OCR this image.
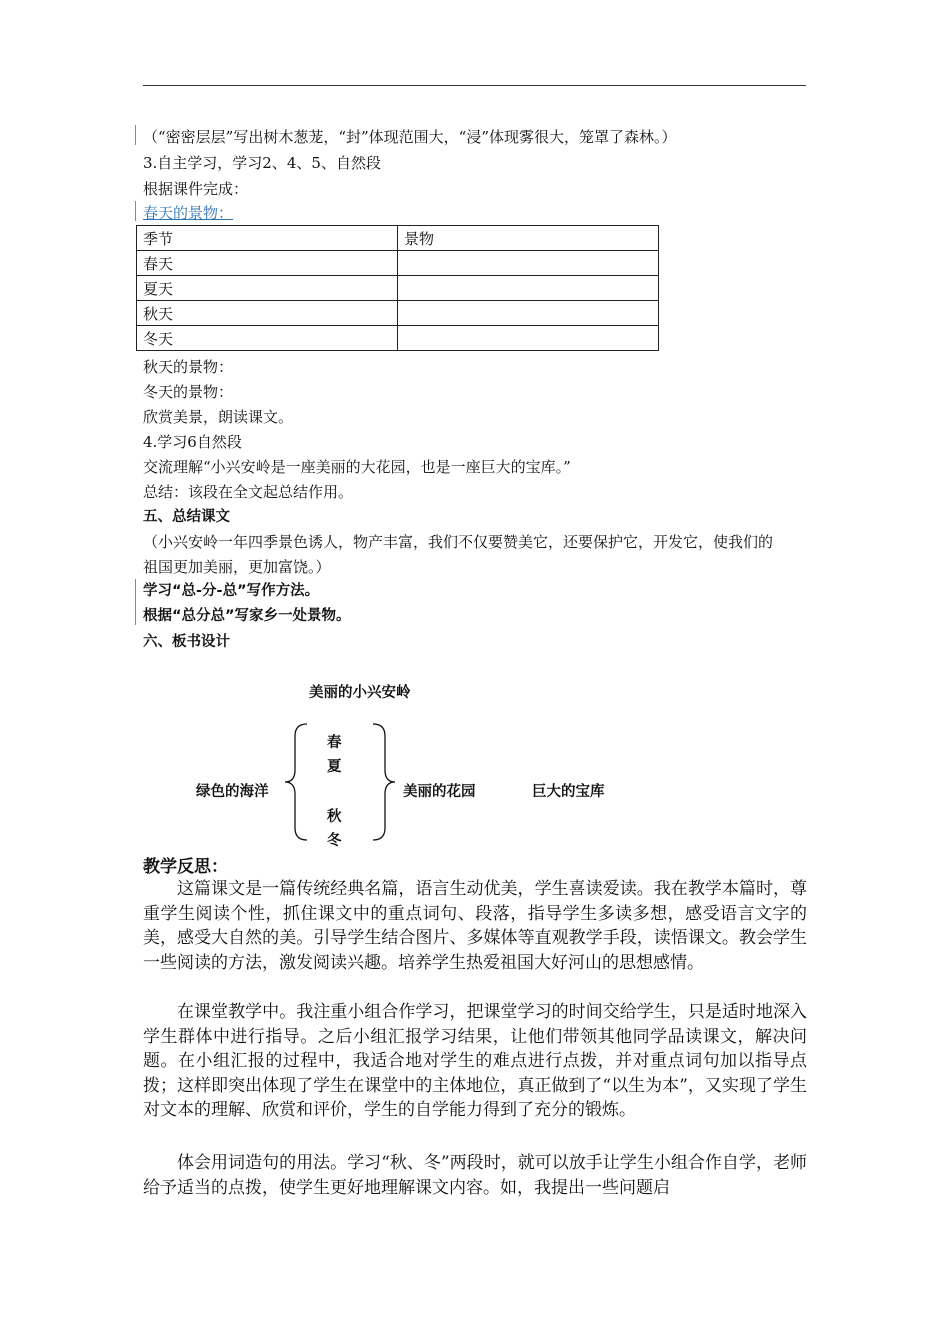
（“密密层层”写出树木葱茏，“封”体现范围大，“浸”体现雾很大，笼罩了森林。）
3.自主学习，学习2、4、5、自然段
根据课件完成：
春天的景物：
季节	景物
春天	
夏天	
秋天	
冬天	
秋天的景物：
冬天的景物：
欣赏美景，朗读课文。
4.学习6自然段
交流理解“小兴安岭是一座美丽的大花园，也是一座巨大的宝库。”
总结：该段在全文起总结作用。
五、总结课文
（小兴安岭一年四季景色诱人，物产丰富，我们不仅要赞美它，还要保护它，开发它，使我们的
祖国更加美丽，更加富饶。）
学习“总-分-总”写作方法。
根据“总分总”写家乡一处景物。
六、板书设计
美丽的小兴安岭
绿色的海洋
春
夏
秋
冬
美丽的花园	巨大的宝库
教学反思：
这篇课文是一篇传统经典名篇，语言生动优美，学生喜读爱读。我在教学本篇时，尊重学生阅读个性，抓住课文中的重点词句、段落，指导学生多读多想，感受语言文字的美，感受大自然的美。引导学生结合图片、多媒体等直观教学手段，读悟课文。教会学生一些阅读的方法，激发阅读兴趣。培养学生热爱祖国大好河山的思想感情。
在课堂教学中。我注重小组合作学习，把课堂学习的时间交给学生，只是适时地深入学生群体中进行指导。之后小组汇报学习结果，让他们带领其他同学品读课文，解决问题。在小组汇报的过程中，我适合地对学生的难点进行点拨，并对重点词句加以指导点拨；这样即突出体现了学生在课堂中的主体地位，真正做到了“以生为本”，又实现了学生对文本的理解、欣赏和评价，学生的自学能力得到了充分的锻炼。
体会用词造句的用法。学习“秋、冬”两段时，就可以放手让学生小组合作自学，老师给予适当的点拨，使学生更好地理解课文内容。如，我提出一些问题启
